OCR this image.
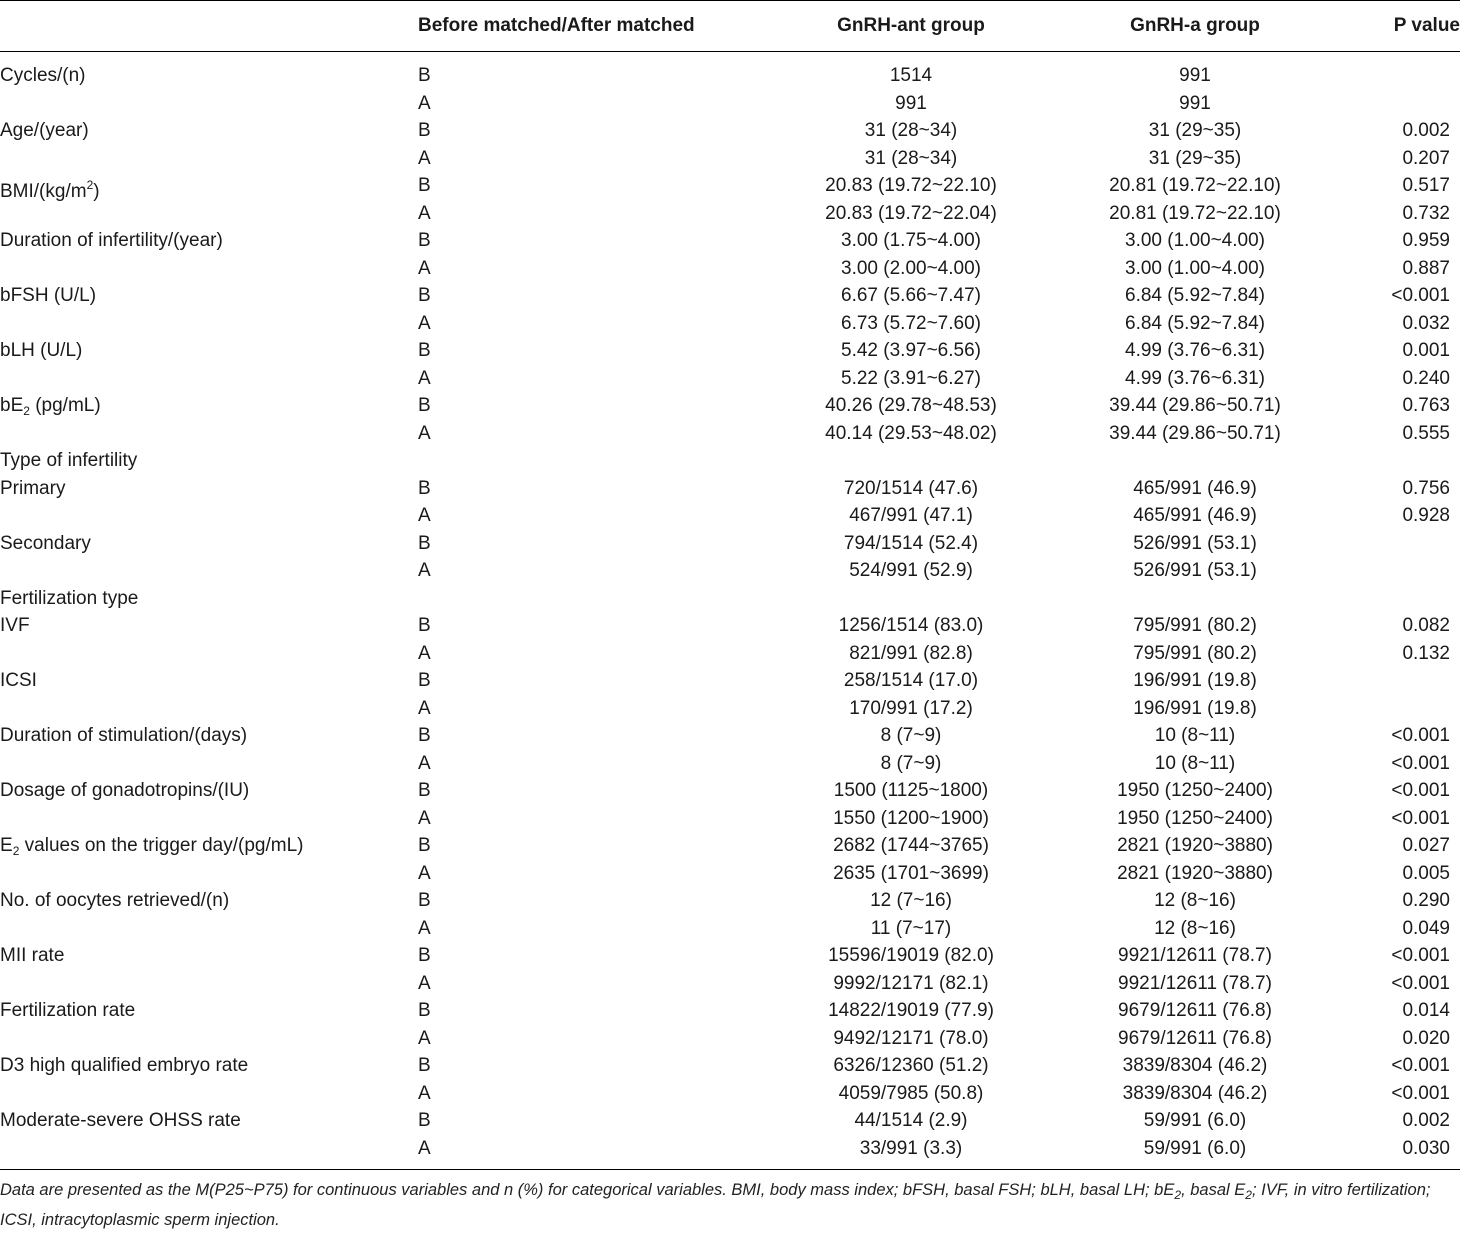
Before matched/After matched	GnRH-ant group	GnRH-a group	P value
Cycles/(n)	B	1514	991
A	991	991
Age/(year)	B	31 (28~34)	31 (29~35)	0.002
A	31 (28~34)	31 (29~35)	0.207
BMI/$(kg/m^2)$	B	20.83 (19.72~22.10)	20.81 (19.72~22.10)	0.517
A	20.83 (19.72~22.04)	20.81 (19.72~22.10)	0.732
Duration of infertility/(year)	B	3.00 (1.75~4.00)	3.00 (1.00~4.00)	0.959
A	3.00 (2.00~4.00)	3.00 (1.00~4.00)	0.887
bFSH (U/L)	B	6.67 (5.66~7.47)	6.84 (5.92~7.84)	<0.001
A	6.73 (5.72~7.60)	6.84 (5.92~7.84)	0.032
bLH (U/L)	B	5.42 (3.97~6.56)	4.99 (3.76~6.31)	0.001
A	5.22 (3.91~6.27)	4.99 (3.76~6.31)	0.240
$bE_2$ (pg/mL)	B	40.26 (29.78~48.53)	39.44 (29.86~50.71)	0.763
A	40.14 (29.53~48.02)	39.44 (29.86~50.71)	0.555
Type of infertility
Primary	B	720/1514 (47.6)	465/991 (46.9)	0.756
A	467/991 (47.1)	465/991 (46.9)	0.928
Secondary	B	794/1514 (52.4)	526/991 (53.1)
A	524/991 (52.9)	526/991 (53.1)
Fertilization type
IVF	B	1256/1514 (83.0)	795/991 (80.2)	0.082
A	821/991 (82.8)	795/991 (80.2)	0.132
ICSI	B	258/1514 (17.0)	196/991 (19.8)
A	170/991 (17.2)	196/991 (19.8)
Duration of stimulation/(days)	B	8 (7~9)	10 (8~11)	<0.001
A	8 (7~9)	10 (8~11)	<0.001
Dosage of gonadotropins/(IU)	B	1500 (1125~1800)	1950 (1250~2400)	<0.001
A	1550 (1200~1900)	1950 (1250~2400)	<0.001
$E_2$ values on the trigger day/(pg/mL)	B	2682 (1744~3765)	2821 (1920~3880)	0.027
A	2635 (1701~3699)	2821 (1920~3880)	0.005
No. of oocytes retrieved/(n)	B	12 (7~16)	12 (8~16)	0.290
A	11 (7~17)	12 (8~16)	0.049
MII rate	B	15596/19019 (82.0)	9921/12611 (78.7)	<0.001
A	9992/12171 (82.1)	9921/12611 (78.7)	<0.001
Fertilization rate	B	14822/19019 (77.9)	9679/12611 (76.8)	0.014
A	9492/12171 (78.0)	9679/12611 (76.8)	0.020
D3 high qualified embryo rate	B	6326/12360 (51.2)	3839/8304 (46.2)	<0.001
A	4059/7985 (50.8)	3839/8304 (46.2)	<0.001
Moderate-severe OHSS rate	B	44/1514 (2.9)	59/991 (6.0)	0.002
A	33/991 (3.3)	59/991 (6.0)	0.030
Data are presented as the M(P25~P75) for continuous variables and n (%) for categorical variables. BMI, body mass index; bFSH, basal FSH; bLH, basal LH; $bE_2$, basal $E_2$; IVF, in vitro fertilization; ICSI, intracytoplasmic sperm injection.
